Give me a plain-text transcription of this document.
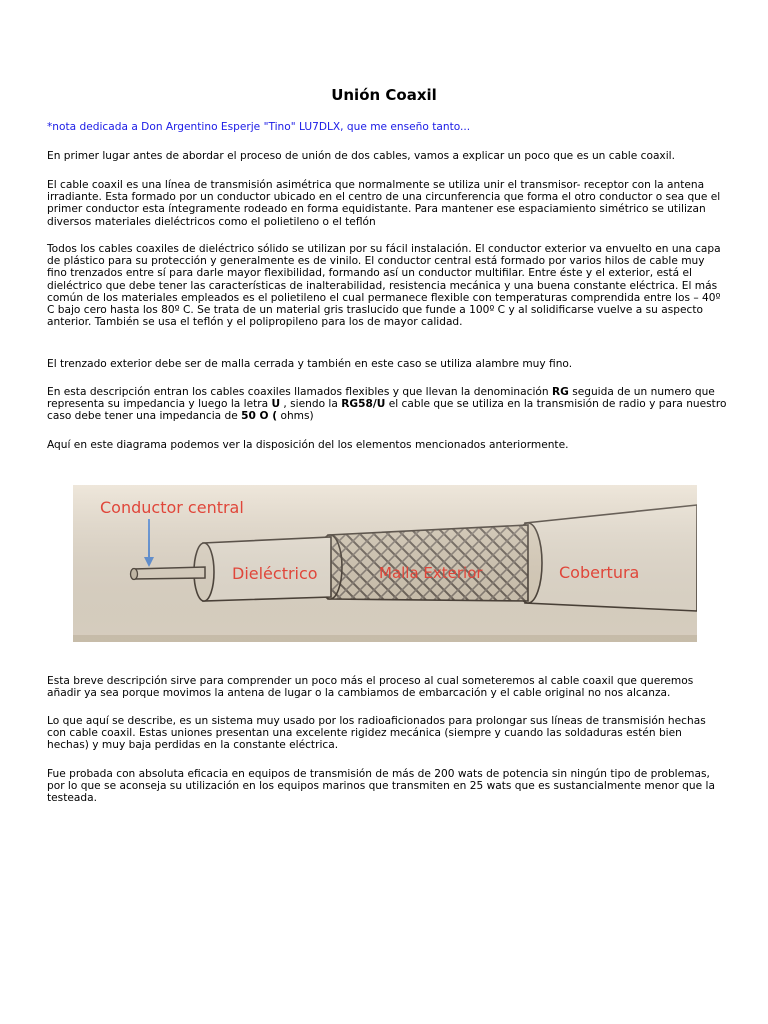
Unión Coaxil

*nota dedicada a Don Argentino Esperje "Tino" LU7DLX, que me enseño tanto...

En primer lugar antes de abordar el proceso de unión de dos cables, vamos a explicar un poco que es un cable coaxil.

El cable coaxil es una línea de transmisión asimétrica que normalmente se utiliza unir el transmisor- receptor con la antena irradiante. Esta formado por un conductor ubicado en el centro de una circunferencia que forma el otro conductor o sea que el primer conductor esta íntegramente rodeado en forma equidistante. Para mantener ese espaciamiento simétrico se utilizan diversos materiales dieléctricos como el polietileno o el teflón

Todos los cables coaxiles de dieléctrico sólido se utilizan por su fácil instalación. El conductor exterior va envuelto en una capa de plástico para su protección y generalmente es de vinilo. El conductor central está formado por varios hilos de cable muy fino trenzados entre sí para darle mayor flexibilidad, formando así un conductor multifilar. Entre éste y el exterior, está el dieléctrico que debe tener las características de inalterabilidad, resistencia mecánica y una buena constante eléctrica. El más común de los materiales empleados es el polietileno el cual permanece flexible con temperaturas comprendida entre los – 40º C bajo cero hasta los 80º C. Se trata de un material gris traslucido que funde a 100º C y al solidificarse vuelve a su aspecto anterior. También se usa el teflón y el polipropileno para los de mayor calidad.

El trenzado exterior debe ser de malla cerrada y también en este caso se utiliza alambre muy fino.

En esta descripción entran los cables coaxiles llamados flexibles y que llevan la denominación RG seguida de un numero que representa su impedancia y luego la letra U , siendo la RG58/U el cable que se utiliza en la transmisión de radio y para nuestro caso debe tener una impedancia de 50 O ( ohms)

Aquí en este diagrama podemos ver la disposición del los elementos mencionados anteriormente.

Esta breve descripción sirve para comprender un poco más el proceso al cual someteremos al cable coaxil que queremos añadir ya sea porque movimos la antena de lugar o la cambiamos de embarcación y el cable original no nos alcanza.

Lo que aquí se describe, es un sistema muy usado por los radioaficionados para prolongar sus líneas de transmisión hechas con cable coaxil. Estas uniones presentan una excelente rigidez mecánica (siempre y cuando las soldaduras estén bien hechas) y muy baja perdidas en la constante eléctrica.

Fue probada con absoluta eficacia en equipos de transmisión de más de 200 wats de potencia sin ningún tipo de problemas, por lo que se aconseja su utilización en los equipos marinos que transmiten en 25 wats que es sustancialmente menor que la testeada.

Conductor central
Dieléctrico	Malla Exterior	Cobertura
